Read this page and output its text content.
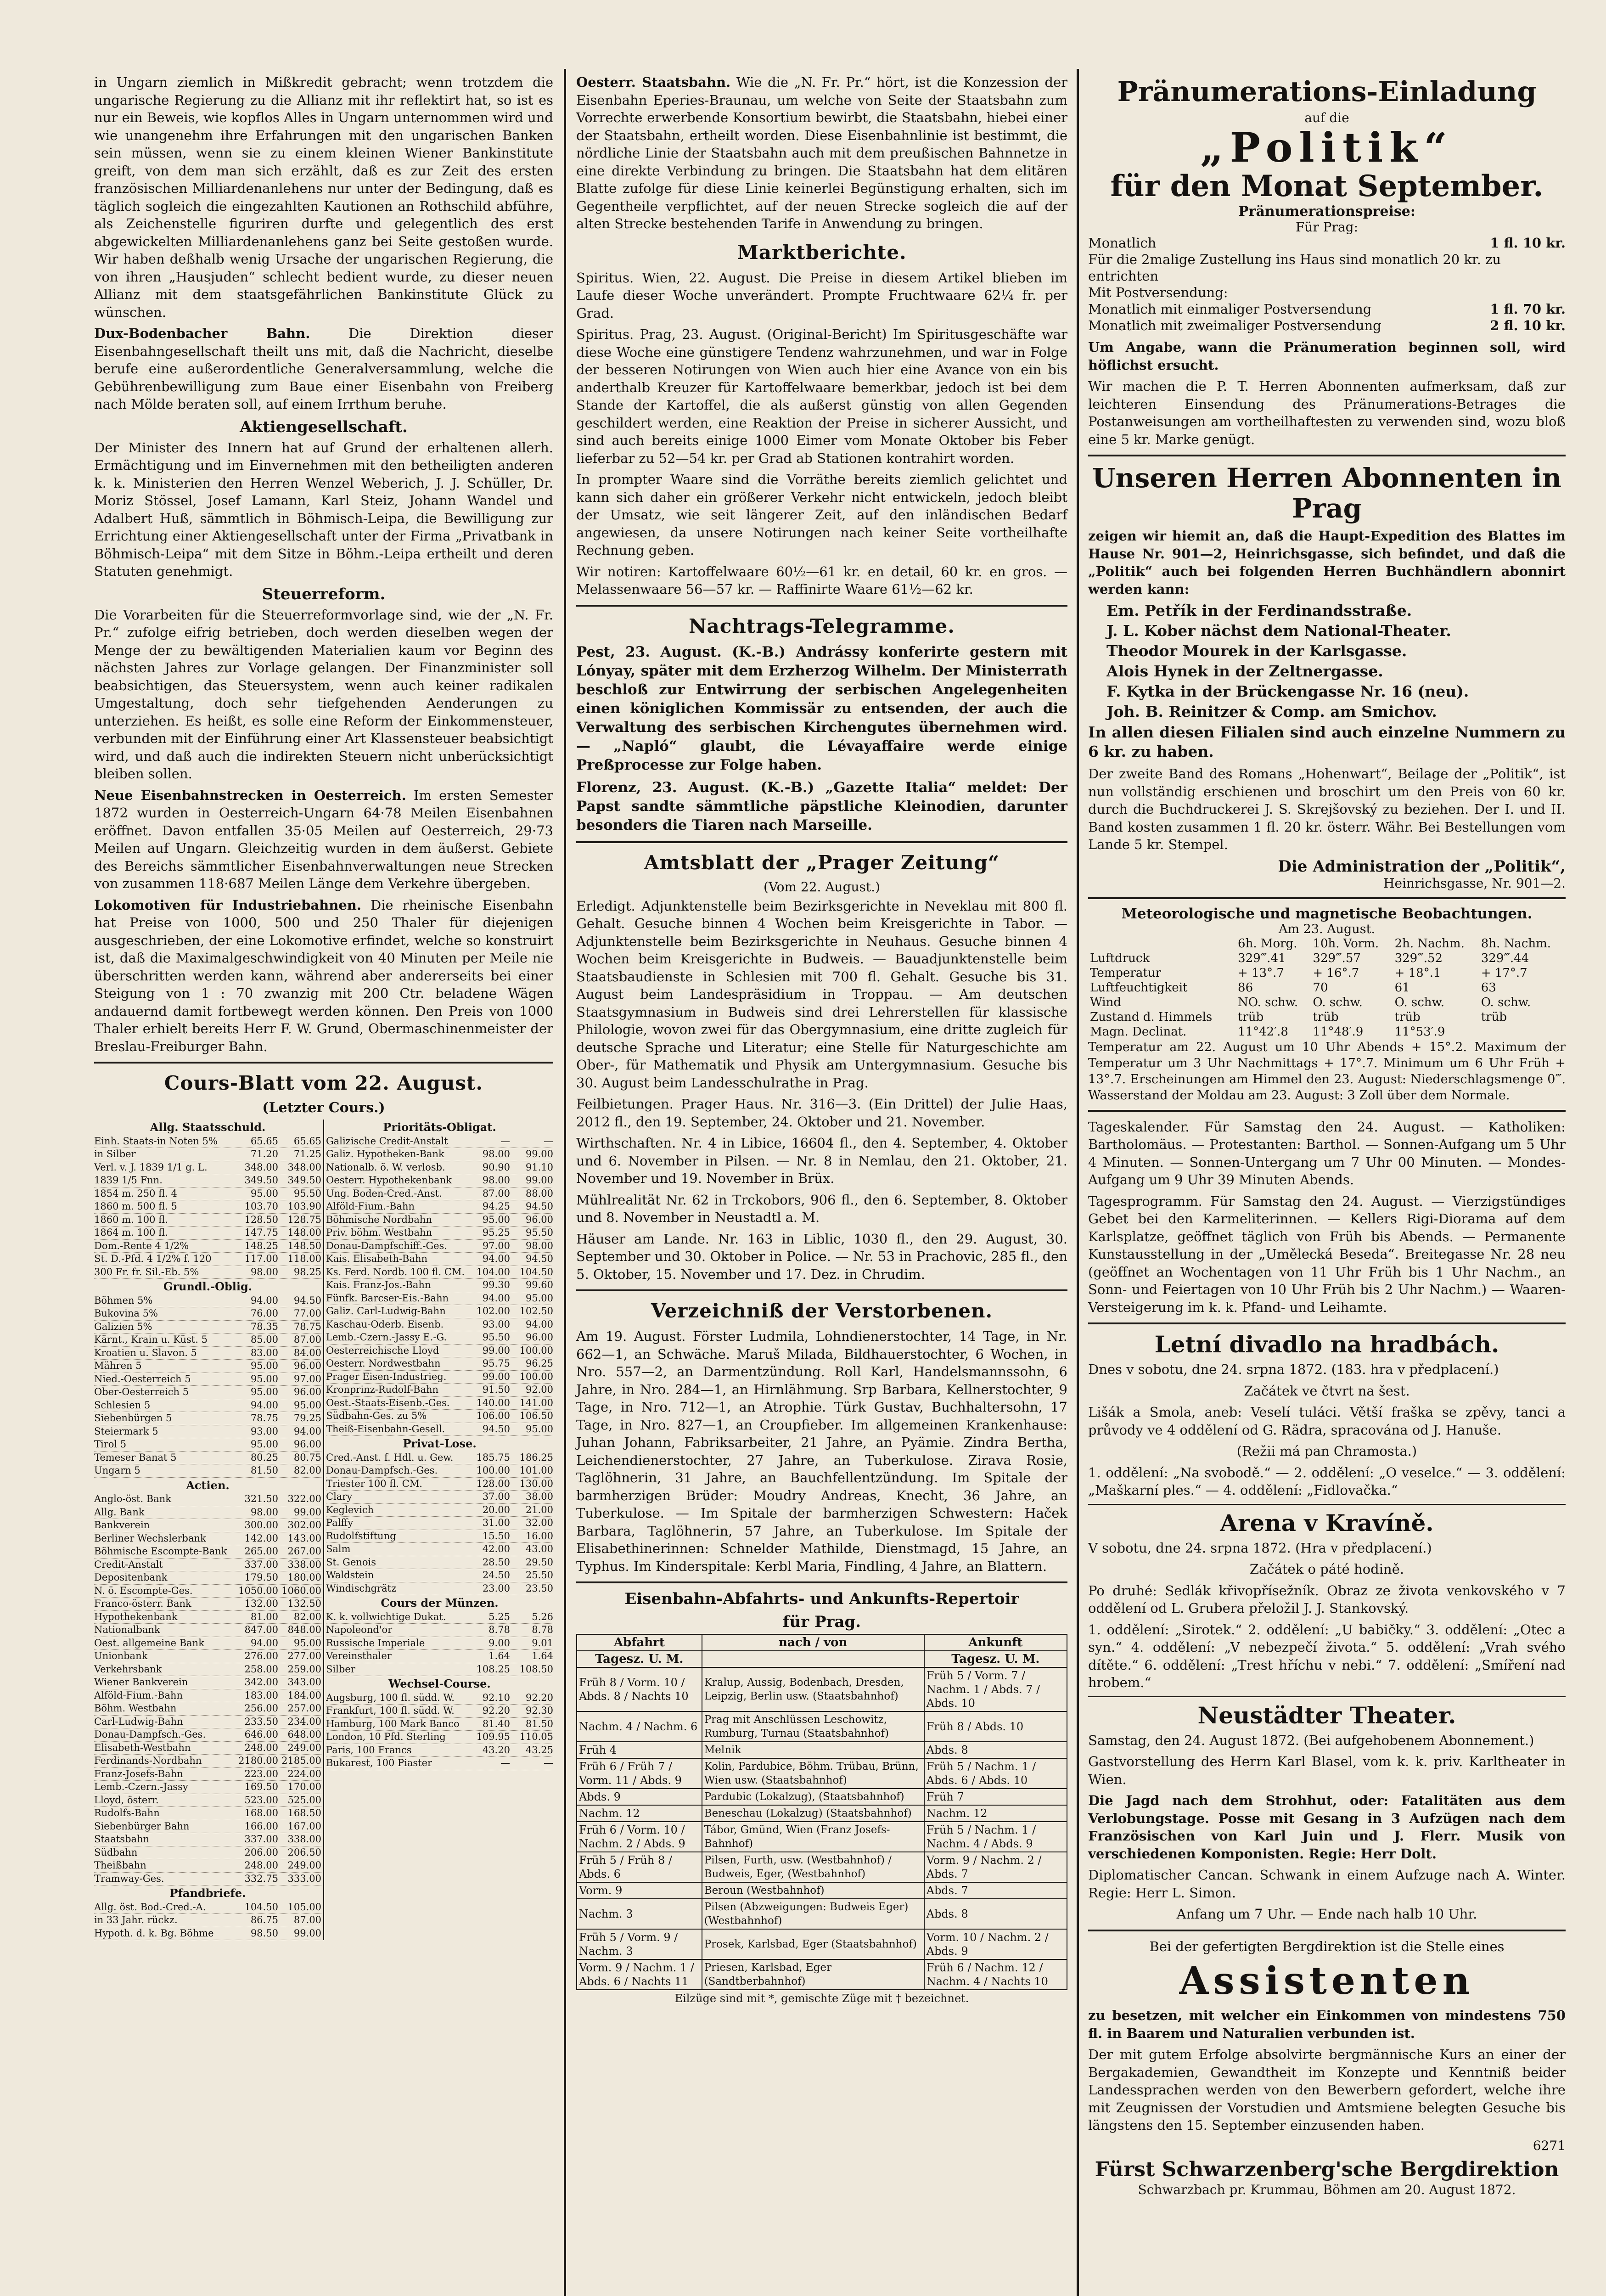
in Ungarn ziemlich in Mißkredit gebracht; wenn trotzdem die ungarische Regierung zu die Allianz mit ihr reflektirt hat, so ist es nur ein Beweis, wie kopflos Alles in Ungarn unternommen wird und wie unangenehm ihre Erfahrungen mit den ungarischen Banken sein müssen, wenn sie zu einem kleinen Wiener Bankinstitute greift, von dem man sich erzählt, daß es zur Zeit des ersten französischen Milliardenanlehens nur unter der Bedingung, daß es täglich sogleich die eingezahlten Kautionen an Rothschild abführe, als Zeichenstelle figuriren durfte und gelegentlich des erst abgewickelten Milliardenanlehens ganz bei Seite gestoßen wurde. Wir haben deßhalb wenig Ursache der ungarischen Regierung, die von ihren „Hausjuden“ schlecht bedient wurde, zu dieser neuen Allianz mit dem staatsgefährlichen Bankinstitute Glück zu wünschen.

Dux-Bodenbacher Bahn.	Die Direktion dieser Eisenbahngesellschaft theilt uns mit, daß die Nachricht, dieselbe berufe eine außerordentliche Generalversammlung, welche die Gebührenbewilligung zum Baue einer Eisenbahn von Freiberg nach Mölde beraten soll, auf einem Irrthum beruhe.

Aktiengesellschaft.

Der Minister des Innern hat auf Grund der erhaltenen allerh. Ermächtigung und im Einvernehmen mit den betheiligten anderen k. k. Ministerien den Herren Wenzel Weberich, J. J. Schüller, Dr. Moriz Stössel, Josef Lamann, Karl Steiz, Johann Wandel und Adalbert Huß, sämmtlich in Böhmisch-Leipa, die Bewilligung zur Errichtung einer Aktiengesellschaft unter der Firma „Privatbank in Böhmisch-Leipa“ mit dem Sitze in Böhm.-Leipa ertheilt und deren Statuten genehmigt.

Steuerreform.

Die Vorarbeiten für die Steuerreformvorlage sind, wie der „N. Fr. Pr.“ zufolge eifrig betrieben, doch werden dieselben wegen der Menge der zu bewältigenden Materialien kaum vor Beginn des nächsten Jahres zur Vorlage gelangen. Der Finanzminister soll beabsichtigen, das Steuersystem, wenn auch keiner radikalen Umgestaltung, doch sehr tiefgehenden Aenderungen zu unterziehen. Es heißt, es solle eine Reform der Einkommensteuer, verbunden mit der Einführung einer Art Klassensteuer beabsichtigt wird, und daß auch die indirekten Steuern nicht unberücksichtigt bleiben sollen.

Neue Eisenbahnstrecken in Oesterreich. Im ersten Semester 1872 wurden in Oesterreich-Ungarn 64·78 Meilen Eisenbahnen eröffnet. Davon entfallen 35·05 Meilen auf Oesterreich, 29·73 Meilen auf Ungarn. Gleichzeitig wurden in dem äußerst. Gebiete des Bereichs sämmtlicher Eisenbahnverwaltungen neue Strecken von zusammen 118·687 Meilen Länge dem Verkehre übergeben.

Lokomotiven für Industriebahnen. Die rheinische Eisenbahn hat Preise von 1000, 500 und 250 Thaler für diejenigen ausgeschrieben, der eine Lokomotive erfindet, welche so konstruirt ist, daß die Maximalgeschwindigkeit von 40 Minuten per Meile nie überschritten werden kann, während aber andererseits bei einer Steigung von 1 : 70 zwanzig mit 200 Ctr. beladene Wägen andauernd damit fortbewegt werden können. Den Preis von 1000 Thaler erhielt bereits Herr F. W. Grund, Obermaschinenmeister der Breslau-Freiburger Bahn.

Cours-Blatt vom 22. August.
(Letzter Cours.)
Allg. Staatsschuld.
Einh. Staats-in Noten 5%	65.65	65.65
in Silber	71.20	71.25
Verl. v. J. 1839 1/1 g. L.	348.00 348.00
1839 1/5 Fnn.	349.50 349.50
1854 m. 250 fl. 4	95.00	95.50
1860 m. 500 fl. 5	103.70 103.90
1860 m. 100 fl.	128.50 128.75
1864 m. 100 fl.	147.75 148.00
Dom.-Rente 4 1/2%	148.25 148.50
St. D.-Pfd. 4 1/2% f. 120	117.00 118.00
300 Fr. fr. Sil.-Eb. 5%	98.00	98.25
Grundl.-Oblig.
Böhmen 5%	94.00	94.50
Bukovina 5%	76.00	77.00
Galizien 5%	78.35	78.75
Kärnt., Krain u. Küst. 5	85.00	87.00
Kroatien u. Slavon. 5	83.00	84.00
Mähren 5	95.00	96.00
Nied.-Oesterreich 5	95.00	97.00
Ober-Oesterreich 5	95.00	96.00
Schlesien 5	94.00	95.00
Siebenbürgen 5	78.75	79.25
Steiermark 5	93.00	94.00
Tirol 5	95.00	96.00
Temeser Banat 5	80.25	80.75
Ungarn 5	81.50	82.00
Actien.
Anglo-öst. Bank	321.50 322.00
Allg. Bank	98.00	99.00
Bankverein	300.00 302.00
Berliner Wechslerbank	142.00 143.00
Böhmische Escompte-Bank	265.00 267.00
Credit-Anstalt	337.00 338.00
Depositenbank	179.50 180.00
N. ö. Escompte-Ges.	1050.00 1060.00
Franco-österr. Bank	132.00 132.50
Hypothekenbank	81.00	82.00
Nationalbank	847.00 848.00
Oest. allgemeine Bank	94.00	95.00
Unionbank	276.00 277.00
Verkehrsbank	258.00 259.00
Wiener Bankverein	342.00 343.00
Alföld-Fium.-Bahn	183.00 184.00
Böhm. Westbahn	256.00 257.00
Carl-Ludwig-Bahn	233.50 234.00
Donau-Dampfsch.-Ges.	646.00 648.00
Elisabeth-Westbahn	248.00 249.00
Ferdinands-Nordbahn	2180.00 2185.00
Franz-Josefs-Bahn	223.00 224.00
Lemb.-Czern.-Jassy	169.50 170.00
Lloyd, österr.	523.00 525.00
Rudolfs-Bahn	168.00 168.50
Siebenbürger Bahn	166.00 167.00
Staatsbahn	337.00 338.00
Südbahn	206.00 206.50
Theißbahn	248.00 249.00
Tramway-Ges.	332.75 333.00
Pfandbriefe.
Allg. öst. Bod.-Cred.-A.	104.50 105.00
in 33 Jahr. rückz.	86.75	87.00
Hypoth. d. k. Bg. Böhme	98.50	99.00
Prioritäts-Obligat.
Galizische Credit-Anstalt	—	—
Galiz. Hypotheken-Bank	98.00	99.00
Nationalb. ö. W. verlosb.	90.90	91.10
Oesterr. Hypothekenbank	98.00	99.00
Ung. Boden-Cred.-Anst.	87.00	88.00
Alföld-Fium.-Bahn	94.25	94.50
Böhmische Nordbahn	95.00	96.00
Priv. böhm. Westbahn	95.25	95.50
Donau-Dampfschiff.-Ges.	97.00	98.00
Kais. Elisabeth-Bahn	94.00	94.50
Ks. Ferd. Nordb. 100 fl. CM.	104.00 104.50
Kais. Franz-Jos.-Bahn	99.30	99.60
Fünfk. Barcser-Eis.-Bahn	94.00	95.00
Galiz. Carl-Ludwig-Bahn	102.00 102.50
Kaschau-Oderb. Eisenb.	93.00	94.00
Lemb.-Czern.-Jassy E.-G.	95.50	96.00
Oesterreichische Lloyd	99.00 100.00
Oesterr. Nordwestbahn	95.75	96.25
Prager Eisen-Industrieg.	99.00 100.00
Kronprinz-Rudolf-Bahn	91.50	92.00
Oest.-Staats-Eisenb.-Ges.	140.00 141.00
Südbahn-Ges. zu 5%	106.00 106.50
Theiß-Eisenbahn-Gesell.	94.50	95.00
Privat-Lose.
Cred.-Anst. f. Hdl. u. Gew.	185.75 186.25
Donau-Dampfsch.-Ges.	100.00 101.00
Triester 100 fl. CM.	128.00 130.00
Clary	37.00	38.00
Keglevich	20.00	21.00
Palffy	31.00	32.00
Rudolfstiftung	15.50	16.00
Salm	42.00	43.00
St. Genois	28.50	29.50
Waldstein	24.50	25.50
Windischgrätz	23.00	23.50
Cours der Münzen.
K. k. vollwichtige Dukat.	5.25	5.26
Napoleond'or	8.78	8.78
Russische Imperiale	9.00	9.01
Vereinsthaler	1.64	1.64
Silber	108.25 108.50
Wechsel-Course.
Augsburg, 100 fl. südd. W.	92.10	92.20
Frankfurt, 100 fl. südd. W.	92.20	92.30
Hamburg, 100 Mark Banco	81.40	81.50
London, 10 Pfd. Sterling	109.95 110.05
Paris, 100 Francs	43.20	43.25
Bukarest, 100 Piaster	—	—

Oesterr. Staatsbahn. Wie die „N. Fr. Pr.“ hört, ist die Konzession der Eisenbahn Eperies-Braunau, um welche von Seite der Staatsbahn zum Vorrechte erwerbende Konsortium bewirbt, die Staatsbahn, hiebei einer der Staatsbahn, ertheilt worden. Diese Eisenbahnlinie ist bestimmt, die nördliche Linie der Staatsbahn auch mit dem preußischen Bahnnetze in eine direkte Verbindung zu bringen. Die Staatsbahn hat dem elitären Blatte zufolge für diese Linie keinerlei Begünstigung erhalten, sich im Gegentheile verpflichtet, auf der neuen Strecke sogleich die auf der alten Strecke bestehenden Tarife in Anwendung zu bringen.

Marktberichte.

Spiritus. Wien, 22. August. Die Preise in diesem Artikel blieben im Laufe dieser Woche unverändert. Prompte Fruchtwaare 62¼ fr. per Grad.

Spiritus. Prag, 23. August. (Original-Bericht) Im Spiritusgeschäfte war diese Woche eine günstigere Tendenz wahrzunehmen, und war in Folge der besseren Notirungen von Wien auch hier eine Avance von ein bis anderthalb Kreuzer für Kartoffelwaare bemerkbar, jedoch ist bei dem Stande der Kartoffel, die als außerst günstig von allen Gegenden geschildert werden, eine Reaktion der Preise in sicherer Aussicht, und sind auch bereits einige 1000 Eimer vom Monate Oktober bis Feber lieferbar zu 52—54 kr. per Grad ab Stationen kontrahirt worden.

In prompter Waare sind die Vorräthe bereits ziemlich gelichtet und kann sich daher ein größerer Verkehr nicht entwickeln, jedoch bleibt der Umsatz, wie seit längerer Zeit, auf den inländischen Bedarf angewiesen, da unsere Notirungen nach keiner Seite vortheilhafte Rechnung geben.

Wir notiren: Kartoffelwaare 60½—61 kr. en detail, 60 kr. en gros. — Melassenwaare 56—57 kr. — Raffinirte Waare 61½—62 kr.

Nachtrags-Telegramme.

Pest, 23. August. (K.-B.) Andrássy konferirte gestern mit Lónyay, später mit dem Erzherzog Wilhelm. Der Ministerrath beschloß zur Entwirrung der serbischen Angelegenheiten einen königlichen Kommissär zu entsenden, der auch die Verwaltung des serbischen Kirchengutes übernehmen wird. — „Napló“ glaubt, die Lévayaffaire werde einige Preßprocesse zur Folge haben.

Florenz, 23. August. (K.-B.) „Gazette Italia“ meldet: Der Papst sandte sämmtliche päpstliche Kleinodien, darunter besonders die Tiaren nach Marseille.

Amtsblatt der „Prager Zeitung“
(Vom 22. August.)

Erledigt. Adjunktenstelle beim Bezirksgerichte in Neveklau mit 800 fl. Gehalt. Gesuche binnen 4 Wochen beim Kreisgerichte in Tabor. — Adjunktenstelle beim Bezirksgerichte in Neuhaus. Gesuche binnen 4 Wochen beim Kreisgerichte in Budweis. — Bauadjunktenstelle beim Staatsbaudienste in Schlesien mit 700 fl. Gehalt. Gesuche bis 31. August beim Landespräsidium in Troppau. — Am deutschen Staatsgymnasium in Budweis sind drei Lehrerstellen für klassische Philologie, wovon zwei für das Obergymnasium, eine dritte zugleich für deutsche Sprache und Literatur; eine Stelle für Naturgeschichte am Ober-, für Mathematik und Physik am Untergymnasium. Gesuche bis 30. August beim Landesschulrathe in Prag.

Feilbietungen. Prager Haus. Nr. 316—3. (Ein Drittel) der Julie Haas, 2012 fl., den 19. September, 24. Oktober und 21. November.

Wirthschaften. Nr. 4 in Libice, 16604 fl., den 4. September, 4. Oktober und 6. November in Pilsen. — Nr. 8 in Nemlau, den 21. Oktober, 21. November und 19. November in Brüx.

Mühlrealität Nr. 62 in Trckobors, 906 fl., den 6. September, 8. Oktober und 8. November in Neustadtl a. M.

Häuser am Lande. Nr. 163 in Liblic, 1030 fl., den 29. August, 30. September und 30. Oktober in Police. — Nr. 53 in Prachovic, 285 fl., den 5. Oktober, 15. November und 17. Dez. in Chrudim.

Verzeichniß der Verstorbenen.

Am 19. August. Förster Ludmila, Lohndienerstochter, 14 Tage, in Nr. 662—1, an Schwäche. Maruš Milada, Bildhauerstochter, 6 Wochen, in Nro. 557—2, an Darmentzündung. Roll Karl, Handelsmannssohn, 6 Jahre, in Nro. 284—1, an Hirnlähmung. Srp Barbara, Kellnerstochter, 9 Tage, in Nro. 712—1, an Atrophie. Türk Gustav, Buchhaltersohn, 17 Tage, in Nro. 827—1, an Croupfieber. Im allgemeinen Krankenhause: Juhan Johann, Fabriksarbeiter, 21 Jahre, an Pyämie. Zindra Bertha, Leichendienerstochter, 27 Jahre, an Tuberkulose. Zirava Rosie, Taglöhnerin, 31 Jahre, an Bauchfellentzündung. Im Spitale der barmherzigen Brüder: Moudry Andreas, Knecht, 36 Jahre, an Tuberkulose. — Im Spitale der barmherzigen Schwestern: Haček Barbara, Taglöhnerin, 57 Jahre, an Tuberkulose. Im Spitale der Elisabethinerinnen: Schnelder Mathilde, Dienstmagd, 15 Jahre, an Typhus. Im Kinderspitale: Kerbl Maria, Findling, 4 Jahre, an Blattern.

Eisenbahn-Abfahrts- und Ankunfts-Repertoir
für Prag.
Abfahrt	nach / von	Ankunft
Tagesz. U. M.		Tagesz. U. M.
Früh 8 / Vorm. 10 / Abds. 8 / Nachts 10	Kralup, Aussig, Bodenbach, Dresden, Leipzig, Berlin usw. (Staatsbahnhof)	Früh 5 / Vorm. 7 / Nachm. 1 / Abds. 7 / Abds. 10
Nachm. 4 / Nachm. 6	Prag mit Anschlüssen Leschowitz, Rumburg, Turnau (Staatsbahnhof)	Früh 8 / Abds. 10
Früh 4	Melnik	Abds. 8
Früh 6 / Früh 7 / Vorm. 11 / Abds. 9	Kolin, Pardubice, Böhm. Trübau, Brünn, Wien usw. (Staatsbahnhof)	Früh 5 / Nachm. 1 / Abds. 6 / Abds. 10
Abds. 9	Pardubic (Lokalzug), (Staatsbahnhof)	Früh 7
Nachm. 12	Beneschau (Lokalzug) (Staatsbahnhof)	Nachm. 12
Früh 6 / Vorm. 10 / Nachm. 2 / Abds. 9	Tábor, Gmünd, Wien (Franz Josefs-Bahnhof)	Früh 5 / Nachm. 1 / Nachm. 4 / Abds. 9
Früh 5 / Früh 8 / Abds. 6	Pilsen, Furth, usw. (Westbahnhof) / Budweis, Eger, (Westbahnhof)	Vorm. 9 / Nachm. 2 / Abds. 7
Vorm. 9	Beroun (Westbahnhof)	Abds. 7
Nachm. 3	Pilsen (Abzweigungen: Budweis Eger) (Westbahnhof)	Abds. 8
Früh 5 / Vorm. 9 / Nachm. 3	Prosek, Karlsbad, Eger (Staatsbahnhof)	Vorm. 10 / Nachm. 2 / Abds. 9
Vorm. 9 / Nachm. 1 / Abds. 6 / Nachts 11	Priesen, Karlsbad, Eger (Sandtberbahnhof)	Früh 6 / Nachm. 12 / Nachm. 4 / Nachts 10
Eilzüge sind mit *, gemischte Züge mit † bezeichnet.
Pränumerations-Einladung
auf die
„Politik“
für den Monat September.
Pränumerationspreise:
Für Prag:
Monatlich	1 fl. 10 kr.
Für die 2malige Zustellung ins Haus sind monatlich 20 kr. zu entrichten
Mit Postversendung:
Monatlich mit einmaliger Postversendung	1 fl. 70 kr.
Monatlich mit zweimaliger Postversendung	2 fl. 10 kr.

Um Angabe, wann die Pränumeration beginnen soll, wird höflichst ersucht.

Wir machen die P. T. Herren Abonnenten aufmerksam, daß zur leichteren Einsendung des Pränumerations-Betrages die Postanweisungen am vortheilhaftesten zu verwenden sind, wozu bloß eine 5 kr. Marke genügt.

Unseren Herren Abonnenten in Prag

zeigen wir hiemit an, daß die Haupt-Expedition des Blattes im Hause Nr. 901—2, Heinrichsgasse, sich befindet, und daß die „Politik“ auch bei folgenden Herren Buchhändlern abonnirt werden kann:

Em. Petřík in der Ferdinandsstraße.
J. L. Kober nächst dem National-Theater.
Theodor Mourek in der Karlsgasse.
Alois Hynek in der Zeltnergasse.
F. Kytka in der Brückengasse Nr. 16 (neu).
Joh. B. Reinitzer & Comp. am Smichov.

In allen diesen Filialen sind auch einzelne Nummern zu 6 kr. zu haben.

Der zweite Band des Romans „Hohenwart“, Beilage der „Politik“, ist nun vollständig erschienen und broschirt um den Preis von 60 kr. durch die Buchdruckerei J. S. Skrejšovský zu beziehen. Der I. und II. Band kosten zusammen 1 fl. 20 kr. österr. Währ. Bei Bestellungen vom Lande 5 kr. Stempel.

Die Administration der „Politik“,
Heinrichsgasse, Nr. 901—2.
Meteorologische und magnetische Beobachtungen.
Am 23. August.
	6h. Morg.	10h. Vorm.	2h. Nachm.	8h. Nachm.
Luftdruck	329‴.41	329‴.57	329‴.52	329‴.44
Temperatur	+ 13°.7	+ 16°.7	+ 18°.1	+ 17°.7
Luftfeuchtigkeit	86	70	61	63
Wind	NO. schw.	O. schw.	O. schw.	O. schw.
Zustand d. Himmels	trüb	trüb	trüb	trüb
Magn. Declinat.	11°42′.8	11°48′.9	11°53′.9	

Temperatur am 22. August um 10 Uhr Abends + 15°.2. Maximum der Temperatur um 3 Uhr Nachmittags + 17°.7. Minimum um 6 Uhr Früh + 13°.7. Erscheinungen am Himmel den 23. August: Niederschlagsmenge 0‴. Wasserstand der Moldau am 23. August: 3 Zoll über dem Normale.

Tageskalender. Für Samstag den 24. August. — Katholiken: Bartholomäus. — Protestanten: Barthol. — Sonnen-Aufgang um 5 Uhr 4 Minuten. — Sonnen-Untergang um 7 Uhr 00 Minuten. — Mondes-Aufgang um 9 Uhr 39 Minuten Abends.

Tagesprogramm. Für Samstag den 24. August. — Vierzigstündiges Gebet bei den Karmeliterinnen. — Kellers Rigi-Diorama auf dem Karlsplatze, geöffnet täglich von Früh bis Abends. — Permanente Kunstausstellung in der „Umělecká Beseda“. Breitegasse Nr. 28 neu (geöffnet an Wochentagen von 11 Uhr Früh bis 1 Uhr Nachm., an Sonn- und Feiertagen von 10 Uhr Früh bis 2 Uhr Nachm.) — Waaren-Versteigerung im k. k. Pfand- und Leihamte.

Letní divadlo na hradbách.

Dnes v sobotu, dne 24. srpna 1872. (183. hra v předplacení.)

Začátek ve čtvrt na šest.

Lišák a Smola, aneb: Veselí tuláci. Větší fraška se zpěvy, tanci a průvody ve 4 oddělení od G. Rädra, spracována od J. Hanuše.

(Režii má pan Chramosta.)

1. oddělení: „Na svobodě.“ — 2. oddělení: „O veselce.“ — 3. oddělení: „Maškarní ples.“ — 4. oddělení: „Fidlovačka.“

Arena v Kravíně.

V sobotu, dne 24. srpna 1872. (Hra v předplacení.)

Začátek o páté hodině.

Po druhé: Sedlák křivopřísežník. Obraz ze života venkovského v 7 oddělení od L. Grubera přeložil J. J. Stankovský.

1. oddělení: „Sirotek.“ 2. oddělení: „U babičky.“ 3. oddělení: „Otec a syn.“ 4. oddělení: „V nebezpečí života.“ 5. oddělení: „Vrah svého dítěte.“ 6. oddělení: „Trest hříchu v nebi.“ 7. oddělení: „Smíření nad hrobem.“

Neustädter Theater.

Samstag, den 24. August 1872. (Bei aufgehobenem Abonnement.)

Gastvorstellung des Herrn Karl Blasel, vom k. k. priv. Karltheater in Wien.

Die Jagd nach dem Strohhut, oder: Fatalitäten aus dem Verlobungstage. Posse mit Gesang in 3 Aufzügen nach dem Französischen von Karl Juin und J. Flerr. Musik von verschiedenen Komponisten. Regie: Herr Dolt.

Diplomatischer Cancan. Schwank in einem Aufzuge nach A. Winter. Regie: Herr L. Simon.

Anfang um 7 Uhr. — Ende nach halb 10 Uhr.

Bei der gefertigten Bergdirektion ist die Stelle eines

Assistenten

zu besetzen, mit welcher ein Einkommen von mindestens 750 fl. in Baarem und Naturalien verbunden ist.

Der mit gutem Erfolge absolvirte bergmännische Kurs an einer der Bergakademien, Gewandtheit im Konzepte und Kenntniß beider Landessprachen werden von den Bewerbern gefordert, welche ihre mit Zeugnissen der Vorstudien und Amtsmiene belegten Gesuche bis längstens den 15. September einzusenden haben.

6271
Fürst Schwarzenberg'sche Bergdirektion
Schwarzbach pr. Krummau, Böhmen am 20. August 1872.
